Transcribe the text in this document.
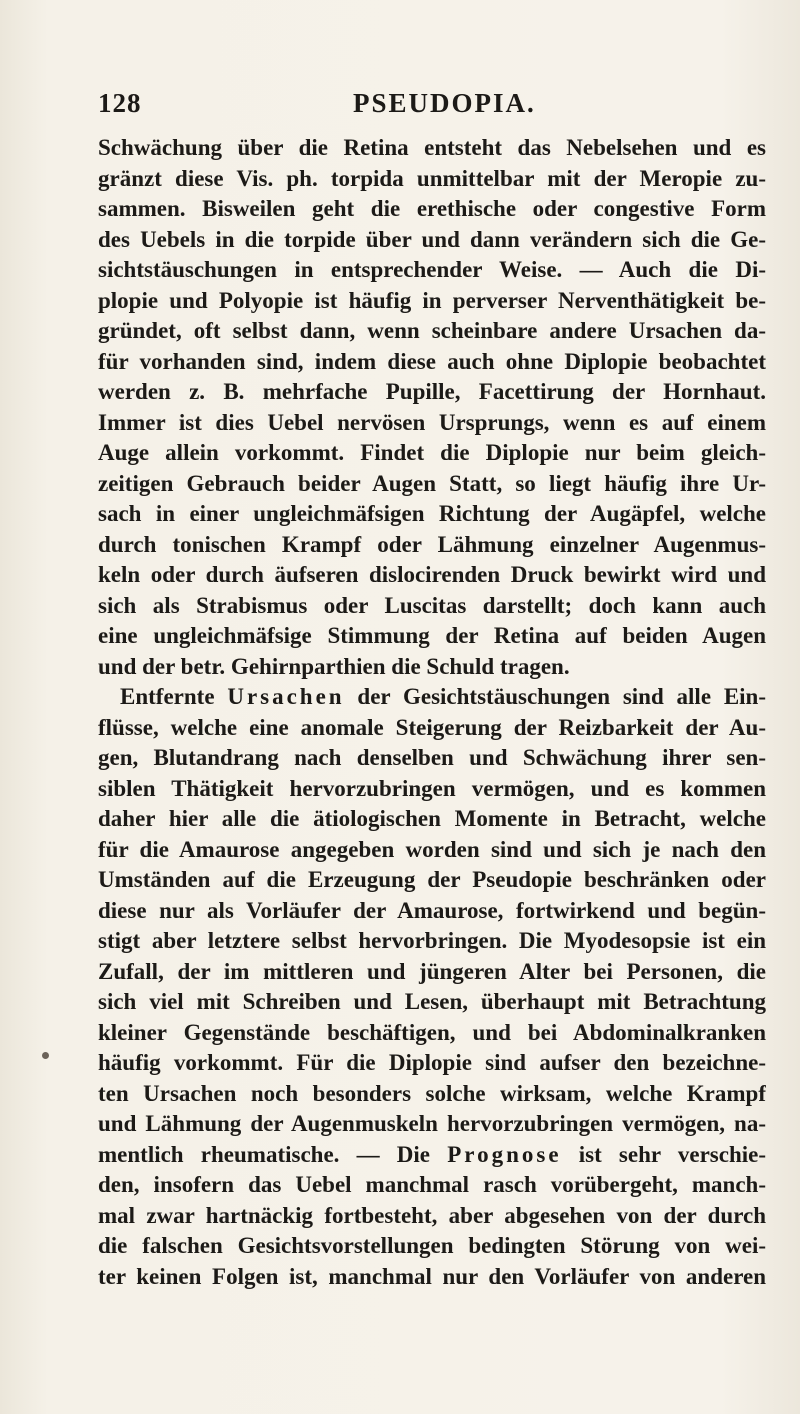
128	PSEUDOPIA.
Schwächung über die Retina entsteht das Nebelsehen und es
gränzt diese Vis. ph. torpida unmittelbar mit der Meropie zu-
sammen. Bisweilen geht die erethische oder congestive Form
des Uebels in die torpide über und dann verändern sich die Ge-
sichtstäuschungen in entsprechender Weise. — Auch die Di-
plopie und Polyopie ist häufig in perverser Nerventhätigkeit be-
gründet, oft selbst dann, wenn scheinbare andere Ursachen da-
für vorhanden sind, indem diese auch ohne Diplopie beobachtet
werden z. B. mehrfache Pupille, Facettirung der Hornhaut.
Immer ist dies Uebel nervösen Ursprungs, wenn es auf einem
Auge allein vorkommt. Findet die Diplopie nur beim gleich-
zeitigen Gebrauch beider Augen Statt, so liegt häufig ihre Ur-
sach in einer ungleichmäfsigen Richtung der Augäpfel, welche
durch tonischen Krampf oder Lähmung einzelner Augenmus-
keln oder durch äufseren dislocirenden Druck bewirkt wird und
sich als Strabismus oder Luscitas darstellt; doch kann auch
eine ungleichmäfsige Stimmung der Retina auf beiden Augen
und der betr. Gehirnparthien die Schuld tragen.
Entfernte Ursachen der Gesichtstäuschungen sind alle Ein-
flüsse, welche eine anomale Steigerung der Reizbarkeit der Au-
gen, Blutandrang nach denselben und Schwächung ihrer sen-
siblen Thätigkeit hervorzubringen vermögen, und es kommen
daher hier alle die ätiologischen Momente in Betracht, welche
für die Amaurose angegeben worden sind und sich je nach den
Umständen auf die Erzeugung der Pseudopie beschränken oder
diese nur als Vorläufer der Amaurose, fortwirkend und begün-
stigt aber letztere selbst hervorbringen. Die Myodesopsie ist ein
Zufall, der im mittleren und jüngeren Alter bei Personen, die
sich viel mit Schreiben und Lesen, überhaupt mit Betrachtung
kleiner Gegenstände beschäftigen, und bei Abdominalkranken
häufig vorkommt. Für die Diplopie sind aufser den bezeichne-
ten Ursachen noch besonders solche wirksam, welche Krampf
und Lähmung der Augenmuskeln hervorzubringen vermögen, na-
mentlich rheumatische. — Die Prognose ist sehr verschie-
den, insofern das Uebel manchmal rasch vorübergeht, manch-
mal zwar hartnäckig fortbesteht, aber abgesehen von der durch
die falschen Gesichtsvorstellungen bedingten Störung von wei-
ter keinen Folgen ist, manchmal nur den Vorläufer von anderen
